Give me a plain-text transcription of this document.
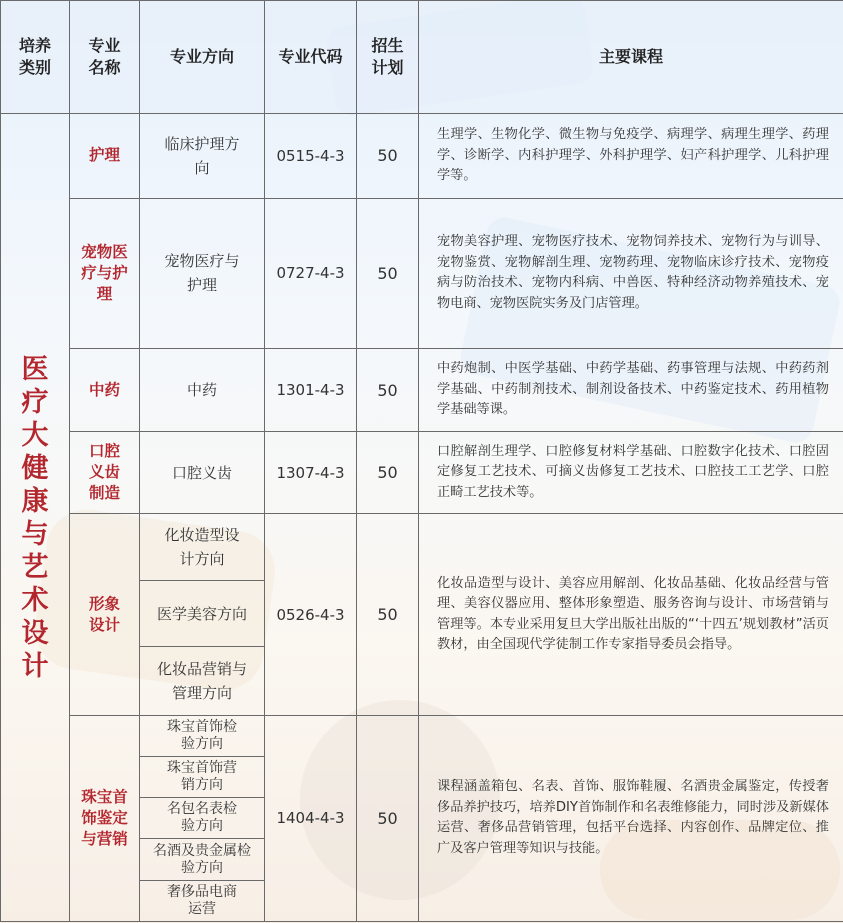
培养类别	专业名称	专业方向	专业代码	招生计划	主要课程
医疗大健康与艺术设计	护理	临床护理方向	0515-4-3	50	生理学、生物化学、微生物与免疫学、病理学、病理生理学、药理学、诊断学、内科护理学、外科护理学、妇产科护理学、儿科护理学等。
	宠物医疗与护理	宠物医疗与护理	0727-4-3	50	宠物美容护理、宠物医疗技术、宠物饲养技术、宠物行为与训导、宠物鉴赏、宠物解剖生理、宠物药理、宠物临床诊疗技术、宠物疫病与防治技术、宠物内科病、中兽医、特种经济动物养殖技术、宠物电商、宠物医院实务及门店管理。
	中药	中药	1301-4-3	50	中药炮制、中医学基础、中药学基础、药事管理与法规、中药药剂学基础、中药制剂技术、制剂设备技术、中药鉴定技术、药用植物学基础等课。
	口腔义齿制造	口腔义齿	1307-4-3	50	口腔解剖生理学、口腔修复材料学基础、口腔数字化技术、口腔固定修复工艺技术、可摘义齿修复工艺技术、口腔技工工艺学、口腔正畸工艺技术等。
	形象设计	化妆造型设计方向	0526-4-3	50	化妆品造型与设计、美容应用解剖、化妆品基础、化妆品经营与管理、美容仪器应用、整体形象塑造、服务咨询与设计、市场营销与管理等。本专业采用复旦大学出版社出版的“‘十四五’规划教材”活页教材，由全国现代学徒制工作专家指导委员会指导。
		医学美容方向			
		化妆品营销与管理方向			
	珠宝首饰鉴定与营销	珠宝首饰检验方向	1404-4-3	50	课程涵盖箱包、名表、首饰、服饰鞋履、名酒贵金属鉴定，传授奢侈品养护技巧，培养DIY首饰制作和名表维修能力，同时涉及新媒体运营、奢侈品营销管理，包括平台选择、内容创作、品牌定位、推广及客户管理等知识与技能。
		珠宝首饰营销方向			
		名包名表检验方向			
		名酒及贵金属检验方向			
		奢侈品电商运营			
